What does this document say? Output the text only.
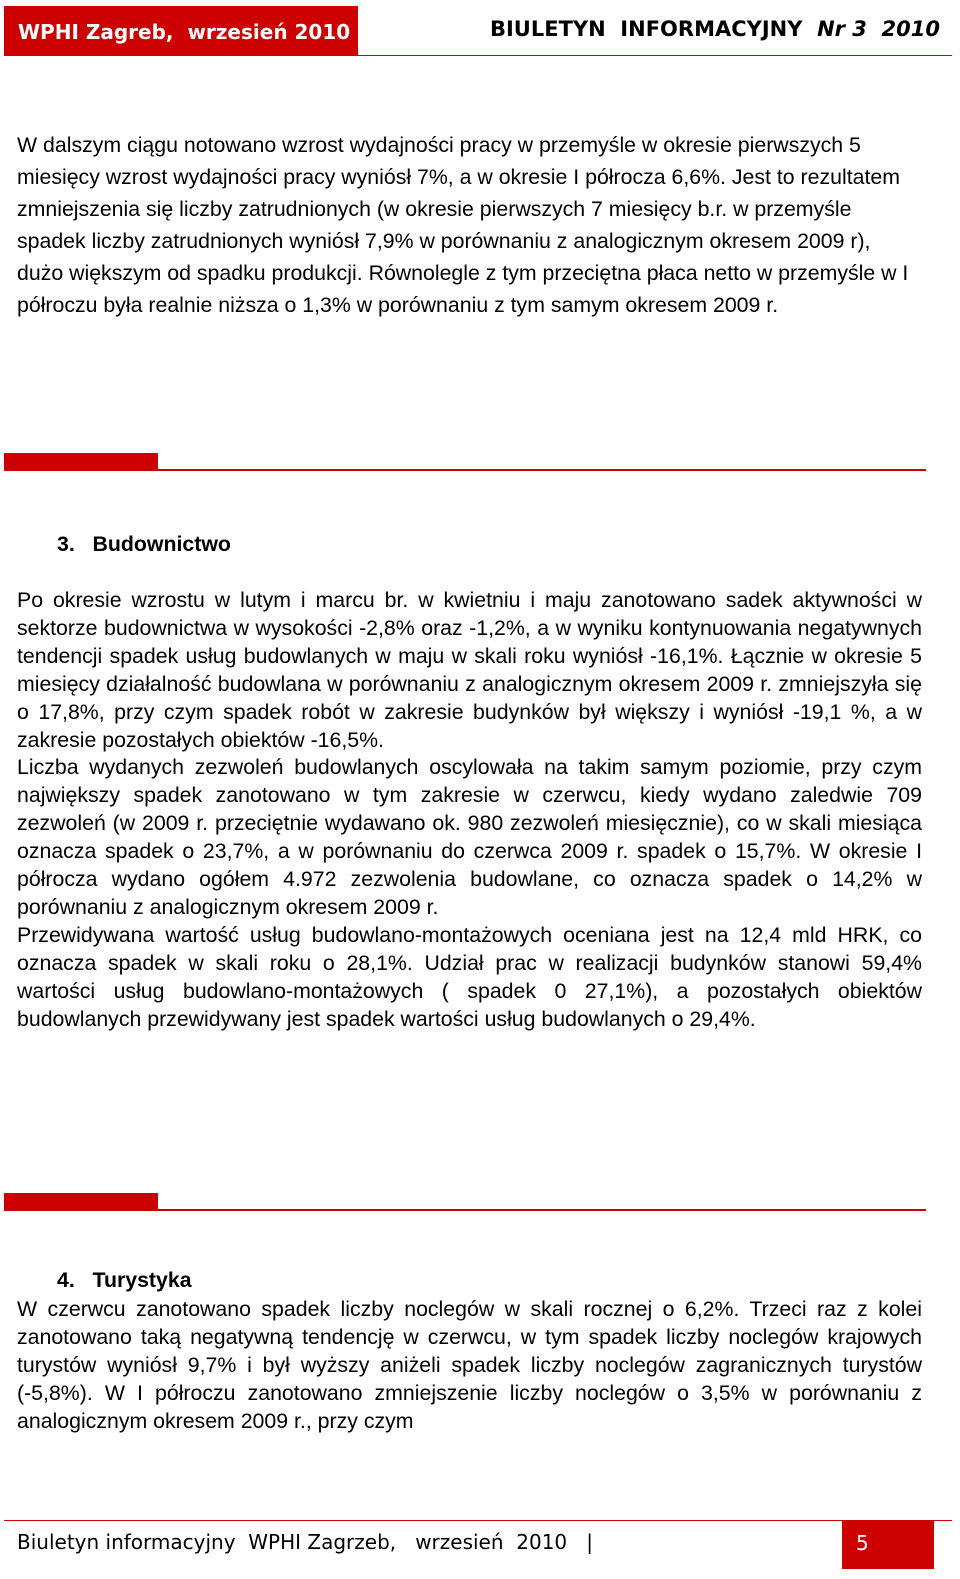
WPHI Zagreb,  wrzesień 2010	BIULETYN  INFORMACYJNY  Nr 3  2010

W dalszym ciągu notowano wzrost wydajności pracy w przemyśle w okresie pierwszych 5 miesięcy wzrost wydajności pracy wyniósł 7%, a w okresie I półrocza 6,6%. Jest to rezultatem zmniejszenia się liczby zatrudnionych (w okresie pierwszych 7 miesięcy b.r. w przemyśle spadek liczby zatrudnionych wyniósł 7,9% w porównaniu z analogicznym okresem 2009 r), dużo większym od spadku produkcji. Równolegle z tym przeciętna płaca netto w przemyśle w I półroczu była realnie niższa o 1,3% w porównaniu z tym samym okresem 2009 r.

3.   Budownictwo
Po okresie wzrostu w lutym i marcu br. w kwietniu i maju zanotowano sadek aktywności w sektorze budownictwa w wysokości -2,8% oraz -1,2%, a w wyniku kontynuowania negatywnych tendencji spadek usług budowlanych w maju w skali roku wyniósł -16,1%. Łącznie w okresie 5 miesięcy działalność budowlana w porównaniu z analogicznym okresem 2009 r. zmniejszyła się o 17,8%, przy czym spadek robót w zakresie budynków był większy i wyniósł -19,1 %, a w zakresie pozostałych obiektów -16,5%.
Liczba wydanych zezwoleń budowlanych oscylowała na takim samym poziomie, przy czym największy spadek zanotowano w tym zakresie w czerwcu, kiedy wydano zaledwie 709 zezwoleń (w 2009 r. przeciętnie wydawano ok. 980 zezwoleń miesięcznie), co w skali miesiąca oznacza spadek o 23,7%, a w porównaniu do czerwca 2009 r. spadek o 15,7%. W okresie I półrocza wydano ogółem 4.972 zezwolenia budowlane, co oznacza spadek o 14,2% w porównaniu z analogicznym okresem 2009 r.
Przewidywana wartość usług budowlano-montażowych oceniana jest na 12,4 mld HRK, co oznacza spadek w skali roku o 28,1%. Udział prac w realizacji budynków stanowi 59,4% wartości usług budowlano-montażowych ( spadek 0 27,1%), a pozostałych obiektów budowlanych przewidywany jest spadek wartości usług budowlanych o 29,4%.
4.   Turystyka
W czerwcu zanotowano spadek liczby noclegów w skali rocznej o 6,2%. Trzeci raz z kolei zanotowano taką negatywną tendencję w czerwcu, w tym spadek liczby noclegów krajowych turystów wyniósł 9,7% i był wyższy aniżeli spadek liczby noclegów zagranicznych turystów (-5,8%). W I półroczu zanotowano zmniejszenie liczby noclegów o 3,5% w porównaniu z analogicznym okresem 2009 r., przy czym
Biuletyn informacyjny  WPHI Zagrzeb,   wrzesień  2010   |	5
